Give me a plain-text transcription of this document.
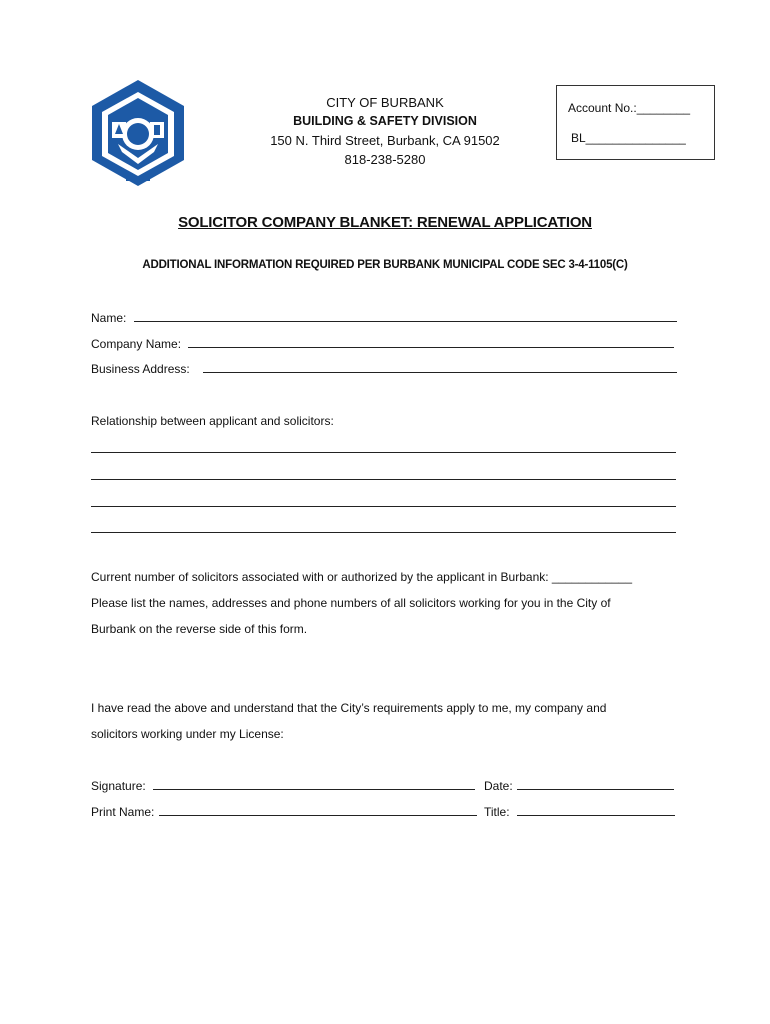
CITY OF BURBANK
BUILDING & SAFETY DIVISION
150 N. Third Street, Burbank, CA 91502
818-238-5280
Account No.:________
BL_______________
SOLICITOR COMPANY BLANKET: RENEWAL APPLICATION
ADDITIONAL INFORMATION REQUIRED PER BURBANK MUNICIPAL CODE SEC 3-4-1105(C)
Name:
Company Name:
Business Address:
Relationship between applicant and solicitors:
Current number of solicitors associated with or authorized by the applicant in Burbank: ____________
Please list the names, addresses and phone numbers of all solicitors working for you in the City of
Burbank on the reverse side of this form.
I have read the above and understand that the City’s requirements apply to me, my company and
solicitors working under my License:
Signature:	Date:
Print Name:	Title:
